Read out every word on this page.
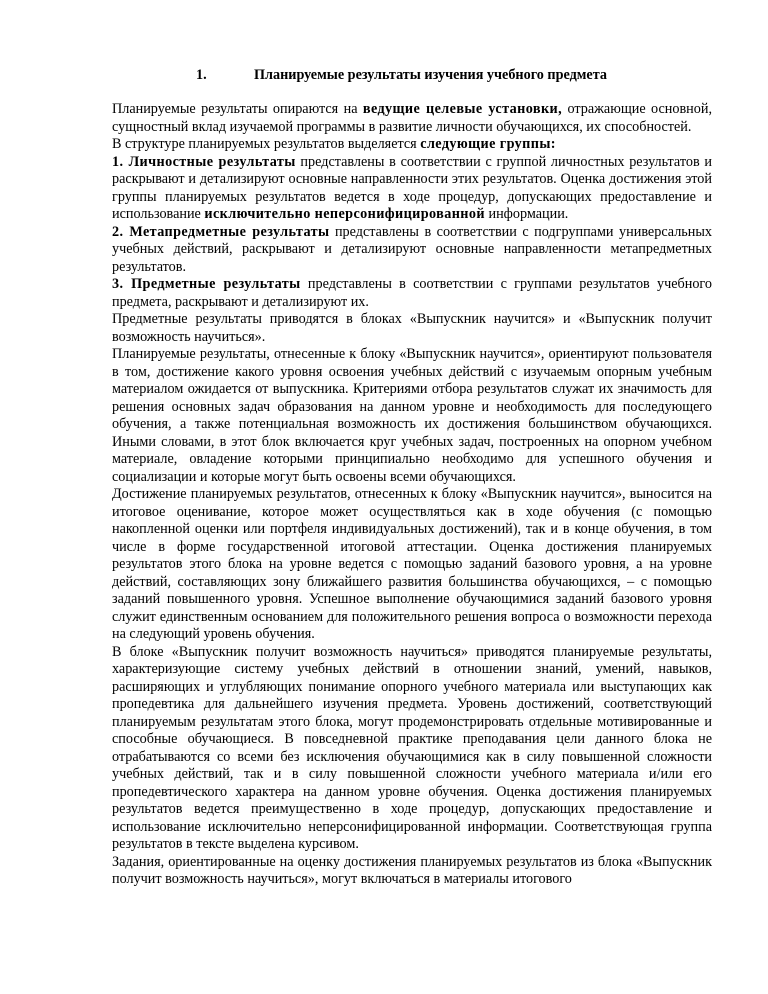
1.	Планируемые результаты изучения учебного предмета

Планируемые результаты опираются на ведущие целевые установки, отражающие основной, сущностный вклад изучаемой программы в развитие личности обучающихся, их способностей.

В структуре планируемых результатов выделяется следующие группы:

1. Личностные результаты представлены в соответствии с группой личностных результатов и раскрывают и детализируют основные направленности этих результатов. Оценка достижения этой группы планируемых результатов ведется в ходе процедур, допускающих предоставление и использование исключительно неперсонифицированной информации.

2. Метапредметные результаты представлены в соответствии с подгруппами универсальных учебных действий, раскрывают и детализируют основные направленности метапредметных результатов.

3. Предметные результаты представлены в соответствии с группами результатов учебного предмета, раскрывают и детализируют их.

Предметные результаты приводятся в блоках «Выпускник научится» и «Выпускник получит возможность научиться».

Планируемые результаты, отнесенные к блоку «Выпускник научится», ориентируют пользователя в том, достижение какого уровня освоения учебных действий с изучаемым опорным учебным материалом ожидается от выпускника. Критериями отбора результатов служат их значимость для решения основных задач образования на данном уровне и необходимость для последующего обучения, а также потенциальная возможность их достижения большинством обучающихся. Иными словами, в этот блок включается круг учебных задач, построенных на опорном учебном материале, овладение которыми принципиально необходимо для успешного обучения и социализации и которые могут быть освоены всеми обучающихся.

Достижение планируемых результатов, отнесенных к блоку «Выпускник научится», выносится на итоговое оценивание, которое может осуществляться как в ходе обучения (с помощью накопленной оценки или портфеля индивидуальных достижений), так и в конце обучения, в том числе в форме государственной итоговой аттестации. Оценка достижения планируемых результатов этого блока на уровне ведется с помощью заданий базового уровня, а на уровне действий, составляющих зону ближайшего развития большинства обучающихся, – с помощью заданий повышенного уровня. Успешное выполнение обучающимися заданий базового уровня служит единственным основанием для положительного решения вопроса о возможности перехода на следующий уровень обучения.

В блоке «Выпускник получит возможность научиться» приводятся планируемые результаты, характеризующие систему учебных действий в отношении знаний, умений, навыков, расширяющих и углубляющих понимание опорного учебного материала или выступающих как пропедевтика для дальнейшего изучения предмета. Уровень достижений, соответствующий планируемым результатам этого блока, могут продемонстрировать отдельные мотивированные и способные обучающиеся. В повседневной практике преподавания цели данного блока не отрабатываются со всеми без исключения обучающимися как в силу повышенной сложности учебных действий, так и в силу повышенной сложности учебного материала и/или его пропедевтического характера на данном уровне обучения. Оценка достижения планируемых результатов ведется преимущественно в ходе процедур, допускающих предоставление и использование исключительно неперсонифицированной информации. Соответствующая группа результатов в тексте выделена курсивом.

Задания, ориентированные на оценку достижения планируемых результатов из блока «Выпускник получит возможность научиться», могут включаться в материалы итогового
